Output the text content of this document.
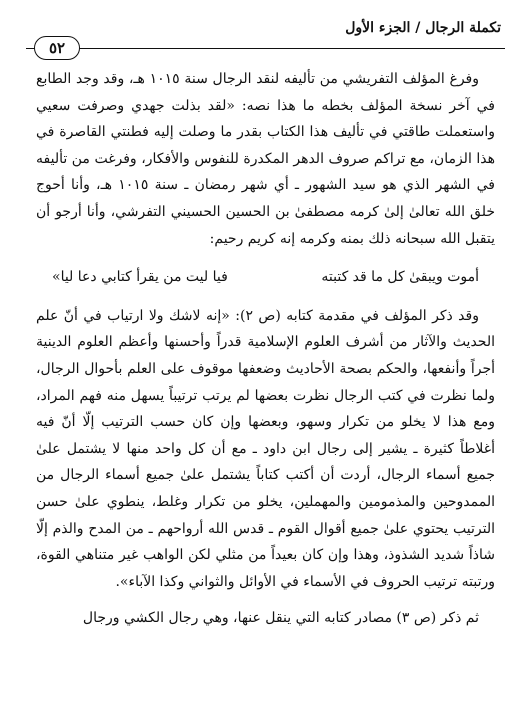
تكملة الرجال / الجزء الأول
٥٢

وفرغ المؤلف التفريشي من تأليفه لنقد الرجال سنة ١٠١٥ هـ، وقد وجد الطابع في آخر نسخة المؤلف بخطه ما هذا نصه: «لقد بذلت جهدي وصرفت سعيي واستعملت طاقتي في تأليف هذا الكتاب بقدر ما وصلت إليه فطنتي القاصرة في هذا الزمان، مع تراكم صروف الدهر المكدرة للنفوس والأفكار، وفرغت من تأليفه في الشهر الذي هو سيد الشهور ـ أي شهر رمضان ـ سنة ١٠١٥ هـ، وأنا أحوج خلق الله تعالىٰ إلىٰ كرمه مصطفىٰ بن الحسين الحسيني التفرشي، وأنا أرجو أن يتقبل الله سبحانه ذلك بمنه وكرمه إنه كريم رحيم:

أموت ويبقىٰ كل ما قد كتبته
فيا ليت من يقرأ كتابي دعا ليا»

وقد ذكر المؤلف في مقدمة كتابه (ص ٢): «إنه لاشك ولا ارتياب في أنّ علم الحديث والآثار من أشرف العلوم الإسلامية قدراً وأحسنها وأعظم العلوم الدينية أجراً وأنفعها، والحكم بصحة الأحاديث وضعفها موقوف على العلم بأحوال الرجال، ولما نظرت في كتب الرجال نظرت بعضها لم يرتب ترتيباً يسهل منه فهم المراد، ومع هذا لا يخلو من تكرار وسهو، وبعضها وإن كان حسب الترتيب إلّا أنّ فيه أغلاطاً كثيرة ـ يشير إلى رجال ابن داود ـ مع أن كل واحد منها لا يشتمل علىٰ جميع أسماء الرجال، أردت أن أكتب كتاباً يشتمل علىٰ جميع أسماء الرجال من الممدوحين والمذمومين والمهملين، يخلو من تكرار وغلط، ينطوي علىٰ حسن الترتيب يحتوي علىٰ جميع أقوال القوم ـ قدس الله أرواحهم ـ من المدح والذم إلّا شاذاً شديد الشذوذ، وهذا وإن كان بعيداً من مثلي لكن الواهب غير متناهي القوة، ورتبته ترتيب الحروف في الأسماء في الأوائل والثواني وكذا الآباء».

ثم ذكر (ص ٣) مصادر كتابه التي ينقل عنها، وهي رجال الكشي ورجال
